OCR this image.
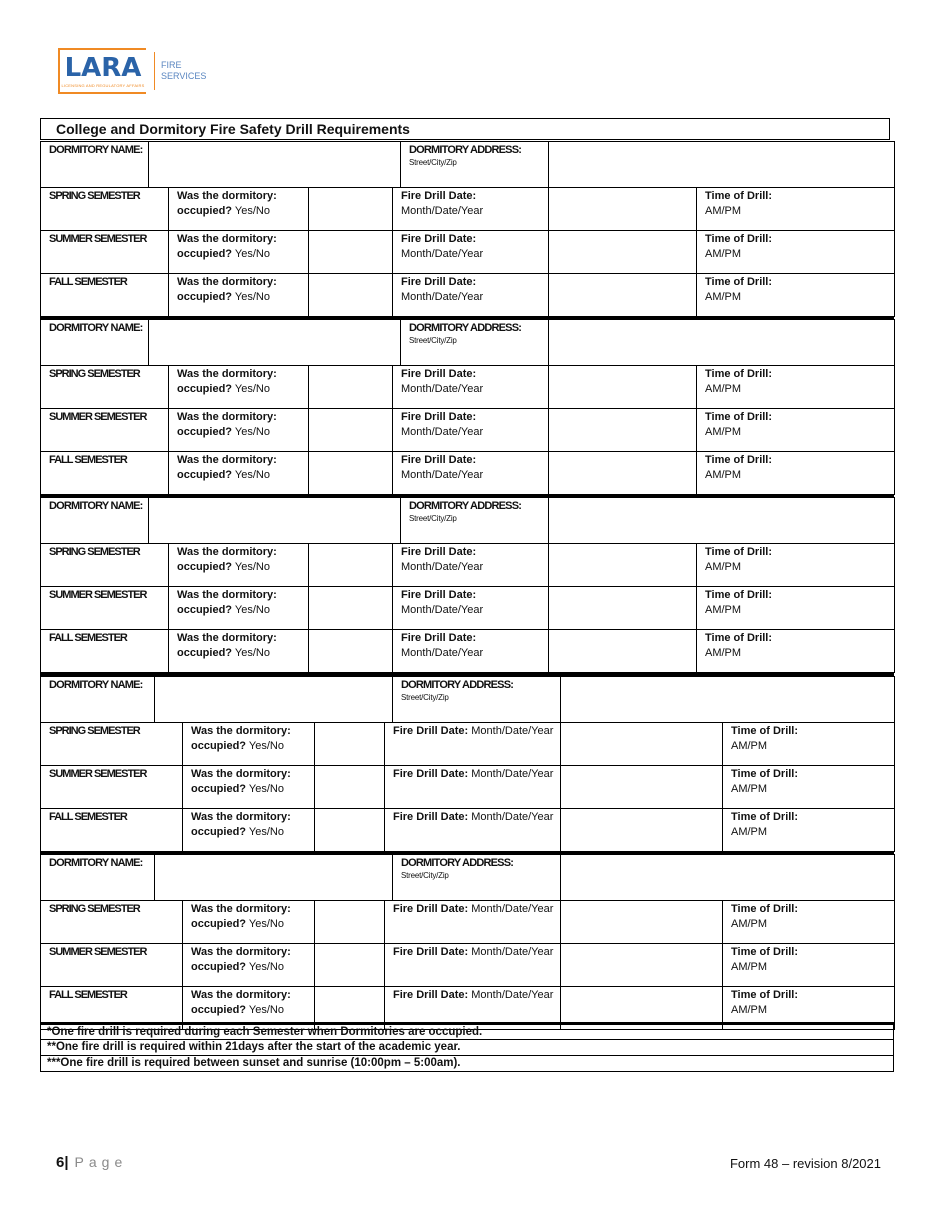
LARA
LICENSING AND REGULATORY AFFAIRS
FIRE
SERVICES
College and Dormitory Fire Safety Drill Requirements
DORMITORY NAME:					DORMITORY ADDRESS:
Street/City/Zip			

SPRING SEMESTER		Was the dormitory: occupied? Yes/No		Fire Drill Date: Month/Date/Year			Time of Drill:
AM/PM	
SUMMER SEMESTER		Was the dormitory: occupied? Yes/No		Fire Drill Date: Month/Date/Year			Time of Drill:
AM/PM	
FALL SEMESTER		Was the dormitory: occupied? Yes/No		Fire Drill Date: Month/Date/Year			Time of Drill:
AM/PM	
DORMITORY NAME:					DORMITORY ADDRESS:
Street/City/Zip			

SPRING SEMESTER		Was the dormitory: occupied? Yes/No		Fire Drill Date: Month/Date/Year			Time of Drill:
AM/PM	
SUMMER SEMESTER		Was the dormitory: occupied? Yes/No		Fire Drill Date: Month/Date/Year			Time of Drill:
AM/PM	
FALL SEMESTER		Was the dormitory: occupied? Yes/No		Fire Drill Date: Month/Date/Year			Time of Drill:
AM/PM	
DORMITORY NAME:					DORMITORY ADDRESS:
Street/City/Zip			

SPRING SEMESTER		Was the dormitory: occupied? Yes/No		Fire Drill Date: Month/Date/Year			Time of Drill:
AM/PM	
SUMMER SEMESTER		Was the dormitory: occupied? Yes/No		Fire Drill Date: Month/Date/Year			Time of Drill:
AM/PM	
FALL SEMESTER		Was the dormitory: occupied? Yes/No		Fire Drill Date: Month/Date/Year			Time of Drill:
AM/PM	
DORMITORY NAME:					DORMITORY ADDRESS:
Street/City/Zip			

SPRING SEMESTER		Was the dormitory: occupied? Yes/No		Fire Drill Date: Month/Date/Year			Time of Drill:
AM/PM	
SUMMER SEMESTER		Was the dormitory: occupied? Yes/No		Fire Drill Date: Month/Date/Year			Time of Drill:
AM/PM	
FALL SEMESTER		Was the dormitory: occupied? Yes/No		Fire Drill Date: Month/Date/Year			Time of Drill:
AM/PM	
DORMITORY NAME:					DORMITORY ADDRESS:
Street/City/Zip			

SPRING SEMESTER		Was the dormitory: occupied? Yes/No		Fire Drill Date: Month/Date/Year			Time of Drill:
AM/PM	
SUMMER SEMESTER		Was the dormitory: occupied? Yes/No		Fire Drill Date: Month/Date/Year			Time of Drill:
AM/PM	
FALL SEMESTER		Was the dormitory: occupied? Yes/No		Fire Drill Date: Month/Date/Year			Time of Drill:
AM/PM	
*One fire drill is required during each Semester when Dormitories are occupied.
**One fire drill is required within 21days after the start of the academic year.
***One fire drill is required between sunset and sunrise (10:00pm – 5:00am).
6| Page	Form 48 – revision 8/2021
